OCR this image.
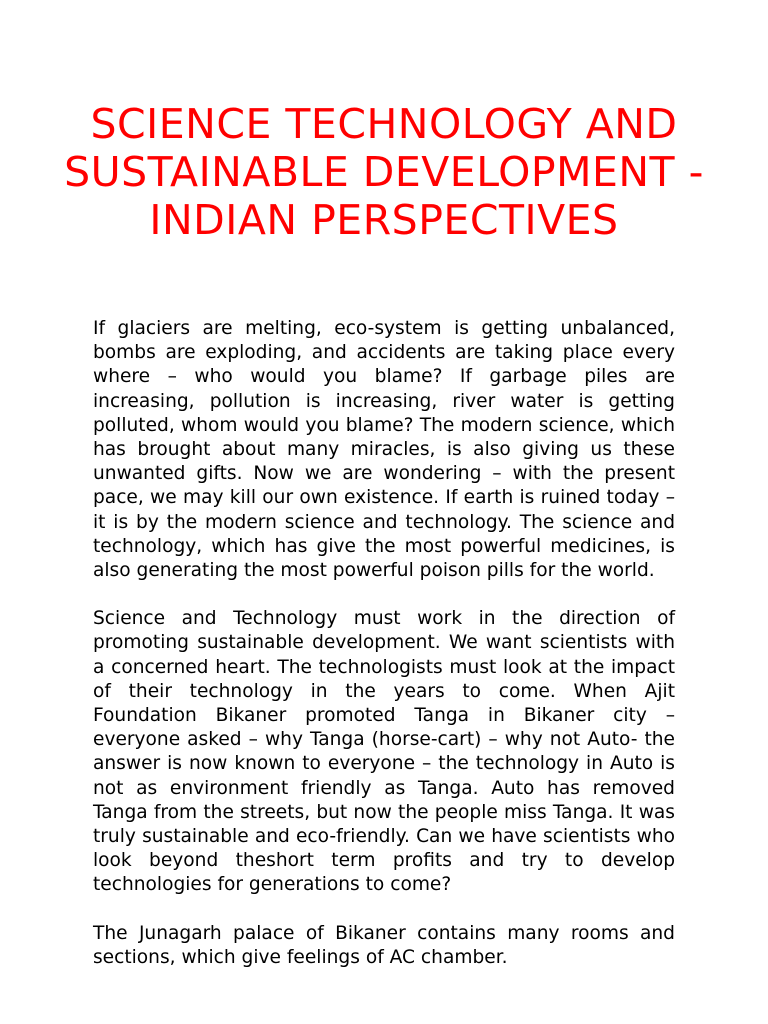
SCIENCE TECHNOLOGY AND SUSTAINABLE DEVELOPMENT - INDIAN PERSPECTIVES

If glaciers are melting, eco-system is getting unbalanced, bombs are exploding, and accidents are taking place every where – who would you blame? If garbage piles are increasing, pollution is increasing, river water is getting polluted, whom would you blame? The modern science, which has brought about many miracles, is also giving us these unwanted gifts. Now we are wondering – with the present pace, we may kill our own existence. If earth is ruined today – it is by the modern science and technology. The science and technology, which has give the most powerful medicines, is also generating the most powerful poison pills for the world.

Science and Technology must work in the direction of promoting sustainable development. We want scientists with a concerned heart. The technologists must look at the impact of their technology in the years to come. When Ajit Foundation Bikaner promoted Tanga in Bikaner city – everyone asked – why Tanga (horse-cart) – why not Auto- the answer is now known to everyone – the technology in Auto is not as environment friendly as Tanga. Auto has removed Tanga from the streets, but now the people miss Tanga. It was truly sustainable and eco-friendly. Can we have scientists who look beyond theshort term profits and try to develop technologies for generations to come?

The Junagarh palace of Bikaner contains many rooms and sections, which give feelings of AC chamber.
